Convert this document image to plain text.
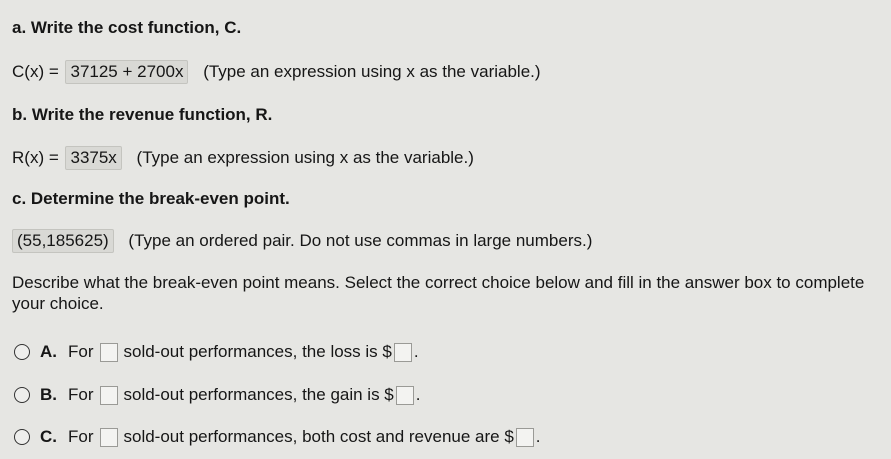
a. Write the cost function, C.
C(x) = 37125 + 2700x (Type an expression using x as the variable.)
b. Write the revenue function, R.
R(x) = 3375x (Type an expression using x as the variable.)
c. Determine the break-even point.
(55,185625) (Type an ordered pair. Do not use commas in large numbers.)
Describe what the break-even point means. Select the correct choice below and fill in the answer box to complete your choice.
A. For sold-out performances, the loss is $ .
B. For sold-out performances, the gain is $ .
C. For sold-out performances, both cost and revenue are $ .
